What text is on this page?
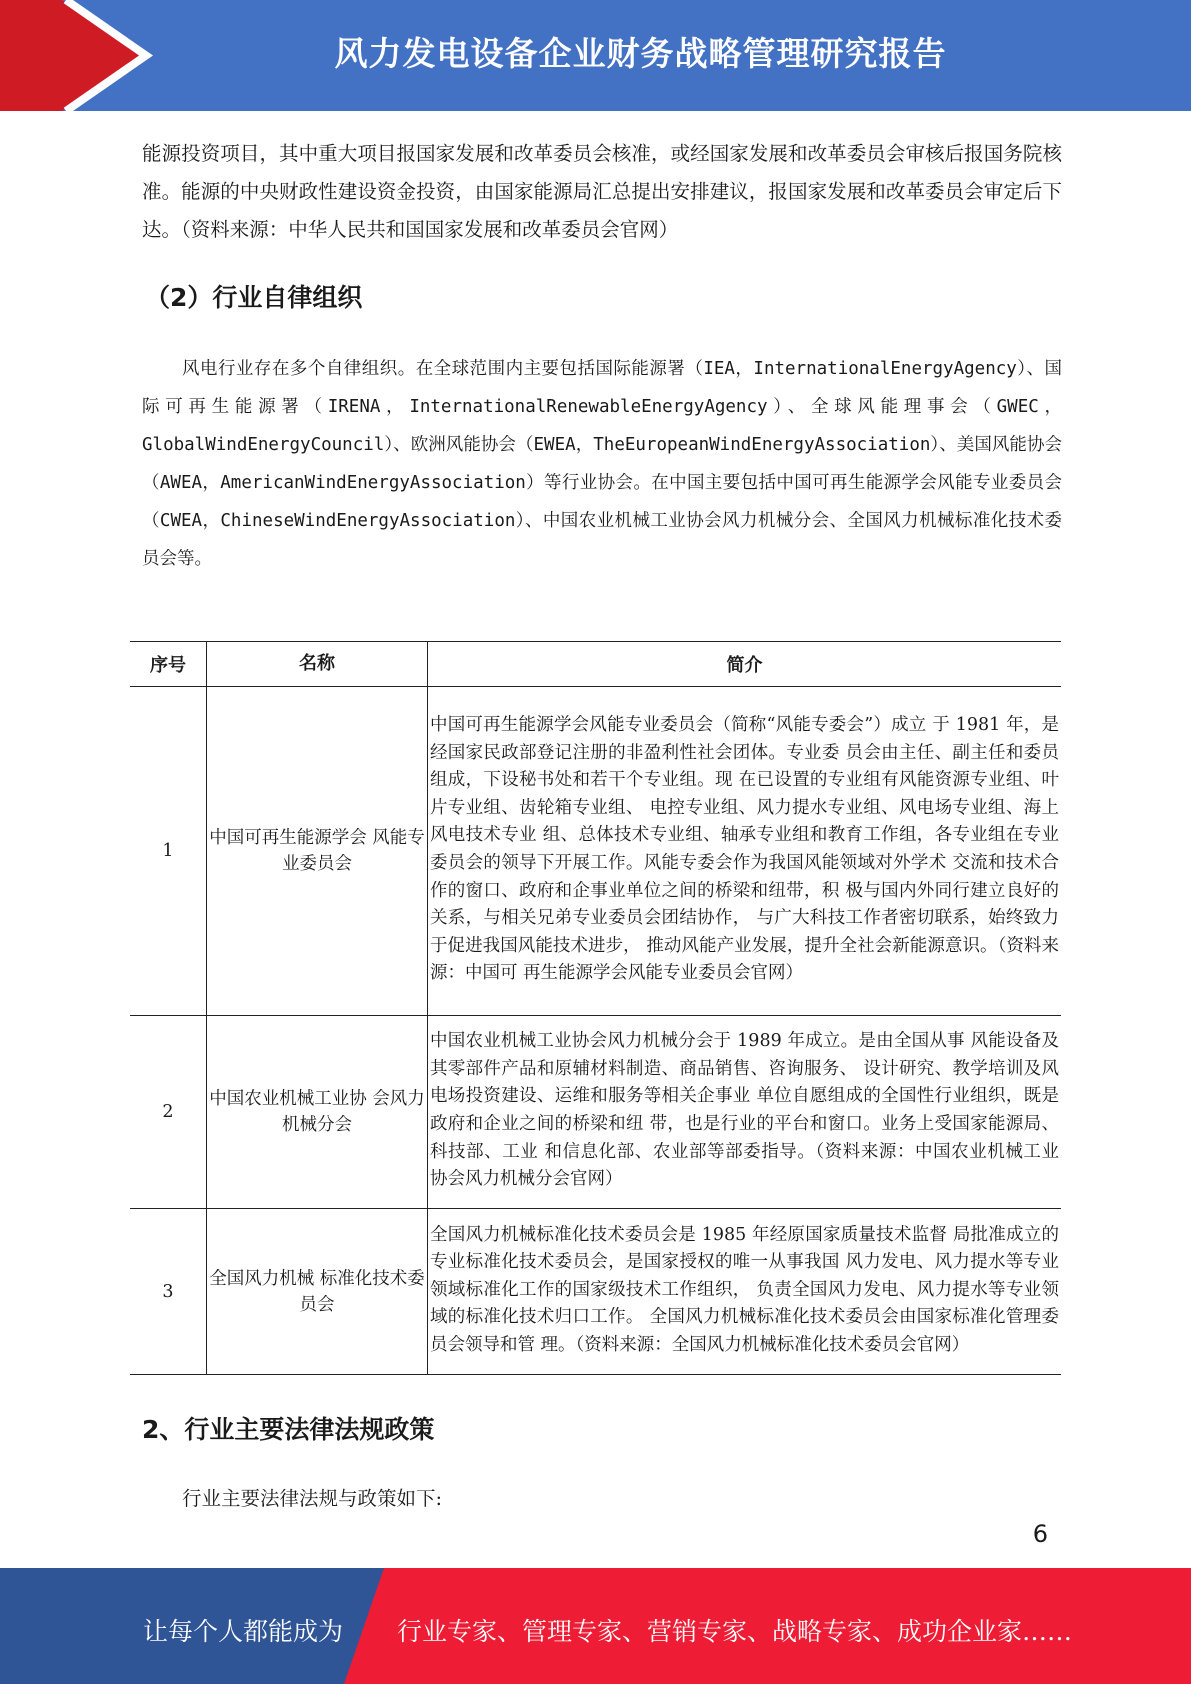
风力发电设备企业财务战略管理研究报告
能源投资项目，其中重大项目报国家发展和改革委员会核准，或经国家发展和改革委员会审核后报国务院核准。能源的中央财政性建设资金投资，由国家能源局汇总提出安排建议，报国家发展和改革委员会审定后下达。（资料来源：中华人民共和国国家发展和改革委员会官网）
（2）行业自律组织
风电行业存在多个自律组织。在全球范围内主要包括国际能源署（IEA，InternationalEnergyAgency）、国际可再生能源署（IRENA，InternationalRenewableEnergyAgency）、全球风能理事会（GWEC，GlobalWindEnergyCouncil）、欧洲风能协会（EWEA，TheEuropeanWindEnergyAssociation）、美国风能协会（AWEA，AmericanWindEnergyAssociation）等行业协会。在中国主要包括中国可再生能源学会风能专业委员会（CWEA，ChineseWindEnergyAssociation）、中国农业机械工业协会风力机械分会、全国风力机械标准化技术委员会等。
序号	名称	简介
1	中国可再生能源学会 风能专业委员会	中国可再生能源学会风能专业委员会（简称“风能专委会”）成立 于 1981 年，是经国家民政部登记注册的非盈利性社会团体。专业委 员会由主任、副主任和委员组成，下设秘书处和若干个专业组。现 在已设置的专业组有风能资源专业组、叶片专业组、齿轮箱专业组、 电控专业组、风力提水专业组、风电场专业组、海上风电技术专业 组、总体技术专业组、轴承专业组和教育工作组，各专业组在专业 委员会的领导下开展工作。风能专委会作为我国风能领域对外学术 交流和技术合作的窗口、政府和企事业单位之间的桥梁和纽带，积 极与国内外同行建立良好的关系，与相关兄弟专业委员会团结协作， 与广大科技工作者密切联系，始终致力于促进我国风能技术进步， 推动风能产业发展，提升全社会新能源意识。（资料来源：中国可 再生能源学会风能专业委员会官网）
2	中国农业机械工业协 会风力机械分会	中国农业机械工业协会风力机械分会于 1989 年成立。是由全国从事 风能设备及其零部件产品和原辅材料制造、商品销售、咨询服务、 设计研究、教学培训及风电场投资建设、运维和服务等相关企事业 单位自愿组成的全国性行业组织，既是政府和企业之间的桥梁和纽 带，也是行业的平台和窗口。业务上受国家能源局、科技部、工业 和信息化部、农业部等部委指导。（资料来源：中国农业机械工业 协会风力机械分会官网）
3	全国风力机械 标准化技术委员会	全国风力机械标准化技术委员会是 1985 年经原国家质量技术监督 局批准成立的专业标准化技术委员会，是国家授权的唯一从事我国 风力发电、风力提水等专业领域标准化工作的国家级技术工作组织， 负责全国风力发电、风力提水等专业领域的标准化技术归口工作。 全国风力机械标准化技术委员会由国家标准化管理委员会领导和管 理。（资料来源：全国风力机械标准化技术委员会官网）
2、行业主要法律法规政策
行业主要法律法规与政策如下:
6
让每个人都能成为 行业专家、管理专家、营销专家、战略专家、成功企业家……
